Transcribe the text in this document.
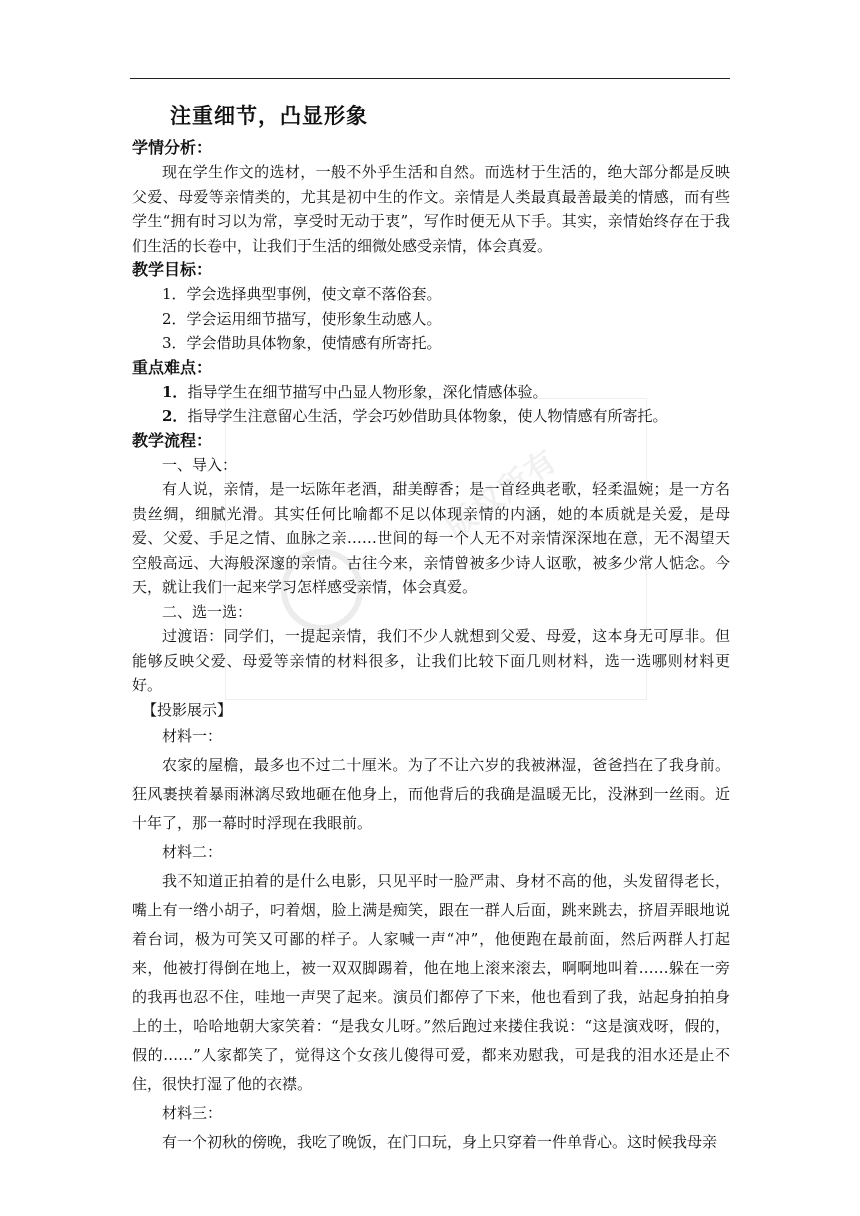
版权所有
注重细节，凸显形象
学情分析：

现在学生作文的选材，一般不外乎生活和自然。而选材于生活的，绝大部分都是反映父爱、母爱等亲情类的，尤其是初中生的作文。亲情是人类最真最善最美的情感，而有些学生“拥有时习以为常，享受时无动于衷”，写作时便无从下手。其实，亲情始终存在于我们生活的长卷中，让我们于生活的细微处感受亲情，体会真爱。

教学目标：

1．学会选择典型事例，使文章不落俗套。

2．学会运用细节描写，使形象生动感人。

3．学会借助具体物象，使情感有所寄托。

重点难点：

1．指导学生在细节描写中凸显人物形象，深化情感体验。

2．指导学生注意留心生活，学会巧妙借助具体物象，使人物情感有所寄托。

教学流程：

一、导入：

有人说，亲情，是一坛陈年老酒，甜美醇香；是一首经典老歌，轻柔温婉；是一方名贵丝绸，细腻光滑。其实任何比喻都不足以体现亲情的内涵，她的本质就是关爱，是母爱、父爱、手足之情、血脉之亲……世间的每一个人无不对亲情深深地在意，无不渴望天空般高远、大海般深邃的亲情。古往今来，亲情曾被多少诗人讴歌，被多少常人惦念。今天，就让我们一起来学习怎样感受亲情，体会真爱。

二、选一选：

过渡语：同学们，一提起亲情，我们不少人就想到父爱、母爱，这本身无可厚非。但能够反映父爱、母爱等亲情的材料很多，让我们比较下面几则材料，选一选哪则材料更好。

【投影展示】

材料一：

农家的屋檐，最多也不过二十厘米。为了不让六岁的我被淋湿，爸爸挡在了我身前。狂风裹挟着暴雨淋漓尽致地砸在他身上，而他背后的我确是温暖无比，没淋到一丝雨。近十年了，那一幕时时浮现在我眼前。

材料二：

我不知道正拍着的是什么电影，只见平时一脸严肃、身材不高的他，头发留得老长，嘴上有一绺小胡子，叼着烟，脸上满是痴笑，跟在一群人后面，跳来跳去，挤眉弄眼地说着台词，极为可笑又可鄙的样子。人家喊一声“冲”，他便跑在最前面，然后两群人打起来，他被打得倒在地上，被一双双脚踢着，他在地上滚来滚去，啊啊地叫着……躲在一旁的我再也忍不住，哇地一声哭了起来。演员们都停了下来，他也看到了我，站起身拍拍身上的土，哈哈地朝大家笑着：“是我女儿呀。”然后跑过来搂住我说：“这是演戏呀，假的，假的……”人家都笑了，觉得这个女孩儿傻得可爱，都来劝慰我，可是我的泪水还是止不住，很快打湿了他的衣襟。

材料三：

有一个初秋的傍晚，我吃了晚饭，在门口玩，身上只穿着一件单背心。这时候我母亲
